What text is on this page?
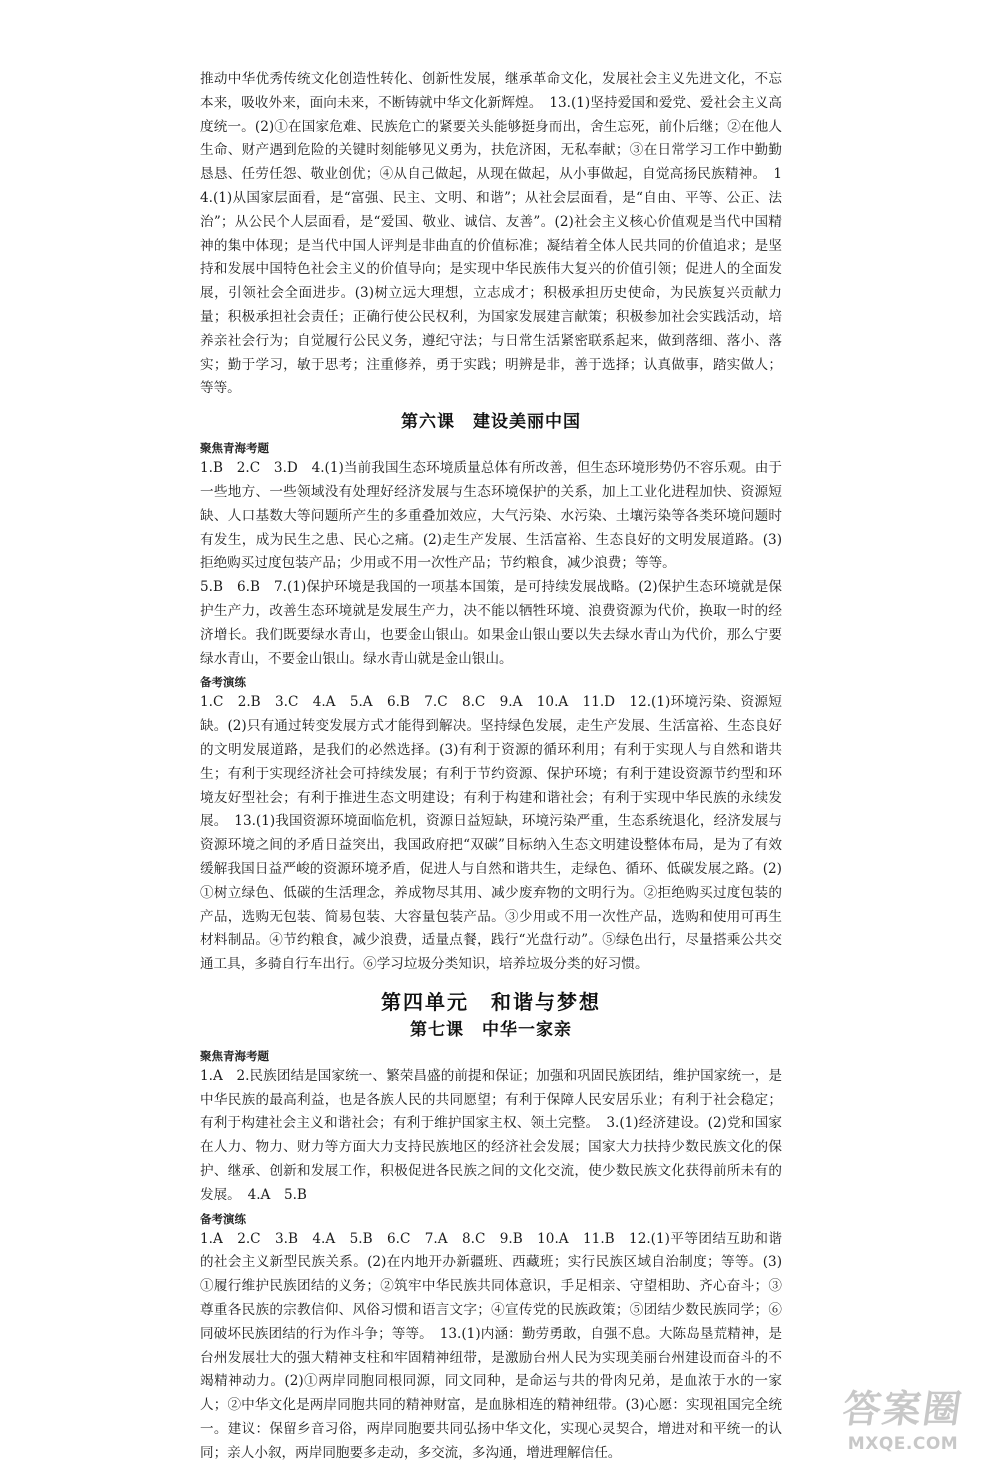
推动中华优秀传统文化创造性转化、创新性发展，继承革命文化，发展社会主义先进文化，不忘本来，吸收外来，面向未来，不断铸就中华文化新辉煌。　13.(1)坚持爱国和爱党、爱社会主义高度统一。(2)①在国家危难、民族危亡的紧要关头能够挺身而出，舍生忘死，前仆后继；②在他人生命、财产遇到危险的关键时刻能够见义勇为，扶危济困，无私奉献；③在日常学习工作中勤勤恳恳、任劳任怨、敬业创优；④从自己做起，从现在做起，从小事做起，自觉高扬民族精神。　14.(1)从国家层面看，是“富强、民主、文明、和谐”；从社会层面看，是“自由、平等、公正、法治”；从公民个人层面看，是“爱国、敬业、诚信、友善”。(2)社会主义核心价值观是当代中国精神的集中体现；是当代中国人评判是非曲直的价值标准；凝结着全体人民共同的价值追求；是坚持和发展中国特色社会主义的价值导向；是实现中华民族伟大复兴的价值引领；促进人的全面发展，引领社会全面进步。(3)树立远大理想，立志成才；积极承担历史使命，为民族复兴贡献力量；积极承担社会责任；正确行使公民权利，为国家发展建言献策；积极参加社会实践活动，培养亲社会行为；自觉履行公民义务，遵纪守法；与日常生活紧密联系起来，做到落细、落小、落实；勤于学习，敏于思考；注重修养，勇于实践；明辨是非，善于选择；认真做事，踏实做人；等等。

第六课　建设美丽中国
聚焦青海考题

1.B　2.C　3.D　4.(1)当前我国生态环境质量总体有所改善，但生态环境形势仍不容乐观。由于一些地方、一些领域没有处理好经济发展与生态环境保护的关系，加上工业化进程加快、资源短缺、人口基数大等问题所产生的多重叠加效应，大气污染、水污染、土壤污染等各类环境问题时有发生，成为民生之患、民心之痛。(2)走生产发展、生活富裕、生态良好的文明发展道路。(3)拒绝购买过度包装产品；少用或不用一次性产品；节约粮食，减少浪费；等等。

5.B　6.B　7.(1)保护环境是我国的一项基本国策，是可持续发展战略。(2)保护生态环境就是保护生产力，改善生态环境就是发展生产力，决不能以牺牲环境、浪费资源为代价，换取一时的经济增长。我们既要绿水青山，也要金山银山。如果金山银山要以失去绿水青山为代价，那么宁要绿水青山，不要金山银山。绿水青山就是金山银山。

备考演练

1.C　2.B　3.C　4.A　5.A　6.B　7.C　8.C　9.A　10.A　11.D　12.(1)环境污染、资源短缺。(2)只有通过转变发展方式才能得到解决。坚持绿色发展，走生产发展、生活富裕、生态良好的文明发展道路，是我们的必然选择。(3)有利于资源的循环利用；有利于实现人与自然和谐共生；有利于实现经济社会可持续发展；有利于节约资源、保护环境；有利于建设资源节约型和环境友好型社会；有利于推进生态文明建设；有利于构建和谐社会；有利于实现中华民族的永续发展。　13.(1)我国资源环境面临危机，资源日益短缺，环境污染严重，生态系统退化，经济发展与资源环境之间的矛盾日益突出，我国政府把“双碳”目标纳入生态文明建设整体布局，是为了有效缓解我国日益严峻的资源环境矛盾，促进人与自然和谐共生，走绿色、循环、低碳发展之路。(2)①树立绿色、低碳的生活理念，养成物尽其用、减少废弃物的文明行为。②拒绝购买过度包装的产品，选购无包装、简易包装、大容量包装产品。③少用或不用一次性产品，选购和使用可再生材料制品。④节约粮食，减少浪费，适量点餐，践行“光盘行动”。⑤绿色出行，尽量搭乘公共交通工具，多骑自行车出行。⑥学习垃圾分类知识，培养垃圾分类的好习惯。

第四单元　和谐与梦想
第七课　中华一家亲
聚焦青海考题

1.A　2.民族团结是国家统一、繁荣昌盛的前提和保证；加强和巩固民族团结，维护国家统一，是中华民族的最高利益，也是各族人民的共同愿望；有利于保障人民安居乐业；有利于社会稳定；有利于构建社会主义和谐社会；有利于维护国家主权、领土完整。　3.(1)经济建设。(2)党和国家在人力、物力、财力等方面大力支持民族地区的经济社会发展；国家大力扶持少数民族文化的保护、继承、创新和发展工作，积极促进各民族之间的文化交流，使少数民族文化获得前所未有的发展。　4.A　5.B

备考演练

1.A　2.C　3.B　4.A　5.B　6.C　7.A　8.C　9.B　10.A　11.B　12.(1)平等团结互助和谐的社会主义新型民族关系。(2)在内地开办新疆班、西藏班；实行民族区域自治制度；等等。(3)①履行维护民族团结的义务；②筑牢中华民族共同体意识，手足相亲、守望相助、齐心奋斗；③尊重各民族的宗教信仰、风俗习惯和语言文字；④宣传党的民族政策；⑤团结少数民族同学；⑥同破坏民族团结的行为作斗争；等等。　13.(1)内涵：勤劳勇敢，自强不息。大陈岛垦荒精神，是台州发展壮大的强大精神支柱和牢固精神纽带，是激励台州人民为实现美丽台州建设而奋斗的不竭精神动力。(2)①两岸同胞同根同源，同文同种，是命运与共的骨肉兄弟，是血浓于水的一家人；②中华文化是两岸同胞共同的精神财富，是血脉相连的精神纽带。(3)心愿：实现祖国完全统一。建议：保留乡音习俗，两岸同胞要共同弘扬中华文化，实现心灵契合，增进对和平统一的认同；亲人小叙，两岸同胞要多走动，多交流，多沟通，增进理解信任。

答案圈
MXQE.COM
